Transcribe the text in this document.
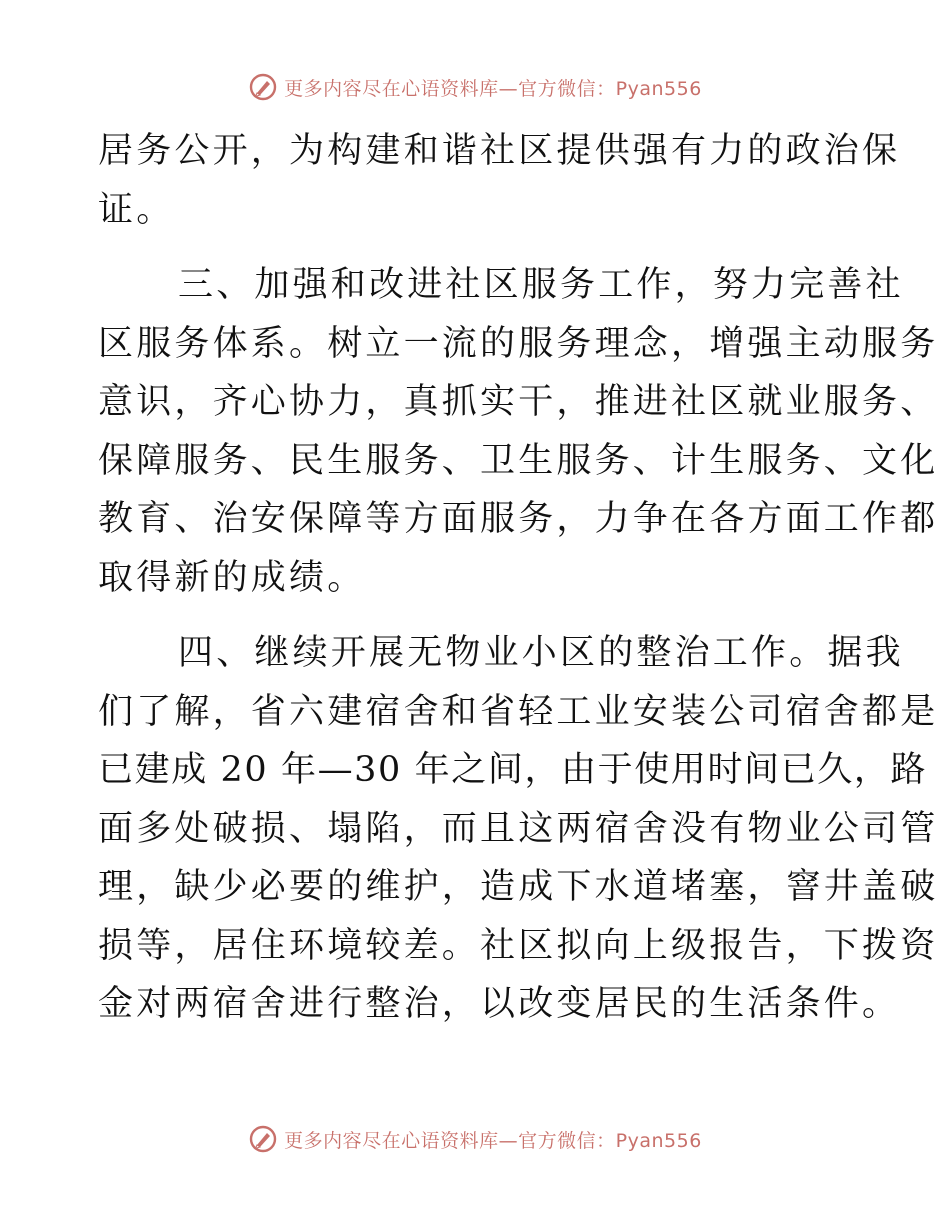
更多内容尽在心语资料库—官方微信：Pyan556
居务公开，为构建和谐社区提供强有力的政治保
证。
三、加强和改进社区服务工作，努力完善社
区服务体系。树立一流的服务理念，增强主动服务
意识，齐心协力，真抓实干，推进社区就业服务、
保障服务、民生服务、卫生服务、计生服务、文化
教育、治安保障等方面服务，力争在各方面工作都
取得新的成绩。
四、继续开展无物业小区的整治工作。据我
们了解，省六建宿舍和省轻工业安装公司宿舍都是
已建成 20 年—30 年之间，由于使用时间已久，路
面多处破损、塌陷，而且这两宿舍没有物业公司管
理，缺少必要的维护，造成下水道堵塞，窨井盖破
损等，居住环境较差。社区拟向上级报告，下拨资
金对两宿舍进行整治，以改变居民的生活条件。
更多内容尽在心语资料库—官方微信：Pyan556
